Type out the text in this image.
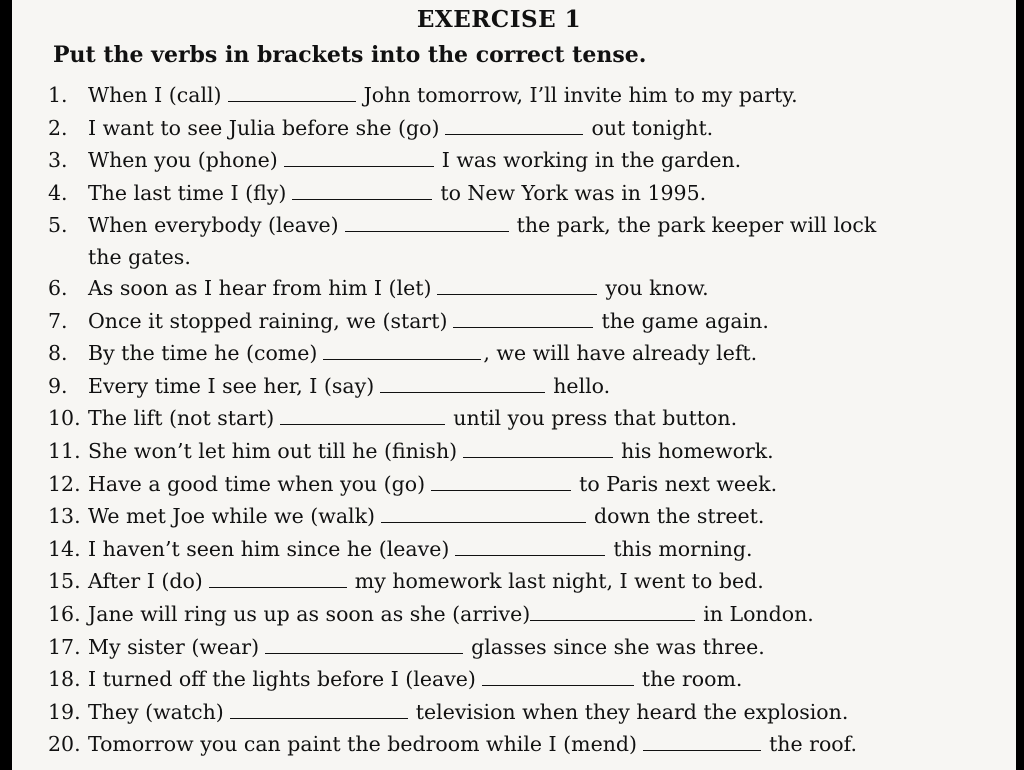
EXERCISE 1
Put the verbs in brackets into the correct tense.
1. When I (call)	John tomorrow, I’ll invite him to my party.
2. I want to see Julia before she (go)	out tonight.
3. When you (phone)	I was working in the garden.
4. The last time I (fly)	to New York was in 1995.
5. When everybody (leave)	the park, the park keeper will lock
the gates.
6. As soon as I hear from him I (let)	you know.
7. Once it stopped raining, we (start)	the game again.
8. By the time he (come)	, we will have already left.
9. Every time I see her, I (say)	hello.
10. The lift (not start)	until you press that button.
11. She won’t let him out till he (finish)	his homework.
12. Have a good time when you (go)	to Paris next week.
13. We met Joe while we (walk)	down the street.
14. I haven’t seen him since he (leave)	this morning.
15. After I (do)	my homework last night, I went to bed.
16. Jane will ring us up as soon as she (arrive)	in London.
17. My sister (wear)	glasses since she was three.
18. I turned off the lights before I (leave)	the room.
19. They (watch)	television when they heard the explosion.
20. Tomorrow you can paint the bedroom while I (mend)	the roof.
